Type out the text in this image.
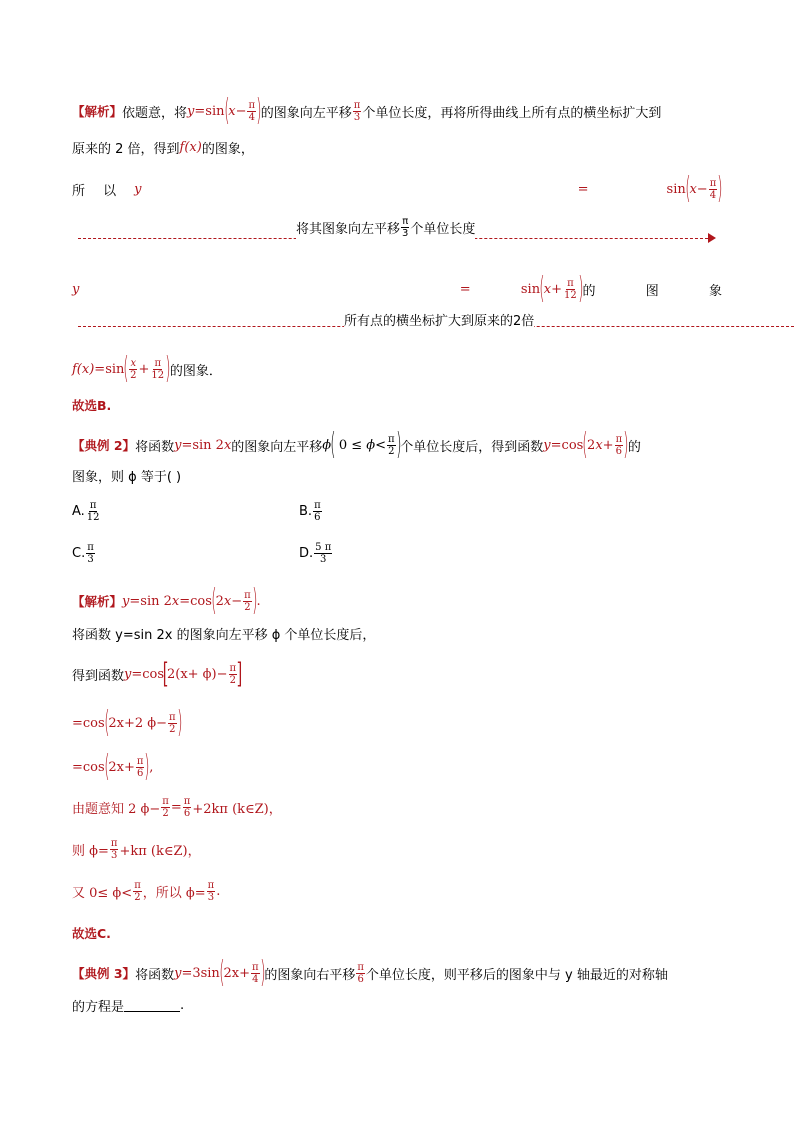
【解析】 依题意，将 y =sin ( $x - \frac{\pi}{4}$ ) 的图象向左平移
π
3 个单位长度，再将所得曲线上所有点的横坐标扩大到
原来的 2 倍，得到 f(x) 的图象，
所 以 y	=	sin ( $x - \frac{\pi}{4}$ )
将其图象向左平移
π
3 个单位长度
y	=	sin ( $x + \frac{\pi}{12}$ ) 的	图	象
所有点的横坐标扩大到原来的2倍
f(x) =sin ( x
$2 + \frac{\pi}{12}$ ) 的图象．
故选B.
【典例 2】 将函数 y =sin 2 x 的图象向左平移 ϕ ( 0 ≤ ϕ < π
2 ) 个单位长度后，得到函数 y =cos ( 2 $x + \frac{\pi}{6}$ ) 的
图象，则 ϕ 等于( )
A. π
12	B. π
6
C. π
3	D. 5 π
3
【解析】 y =sin 2 x =cos ( 2 $x - \frac{\pi}{2}$ ) .
将函数 y=sin 2x 的图象向左平移 ϕ 个单位长度后，
得到函数 y =cos
[
$2(x+ \phi)- \frac{\pi}{2}$ ]
=cos ( 2x+2 $\phi- \frac{\pi}{2}$ )
=cos ( $2x+ \frac{\pi}{6}$ ) ,
由题意知 2 $\phi- \frac{\pi}{2} = \frac{\pi}{6} +2k\pi$ (k∈Z)，
则 $\phi= \frac{\pi}{3} +k\pi$ (k∈Z)，
又 0≤ ϕ<
π
2 ，所以 $\phi= \frac{\pi}{3}$ .
故选C.
【典例 3】 将函数 y =3sin ( $2x+ \frac{\pi}{4}$ ) 的图象向右平移
π
6 个单位长度，则平移后的图象中与 y 轴最近的对称轴
的方程是	.
